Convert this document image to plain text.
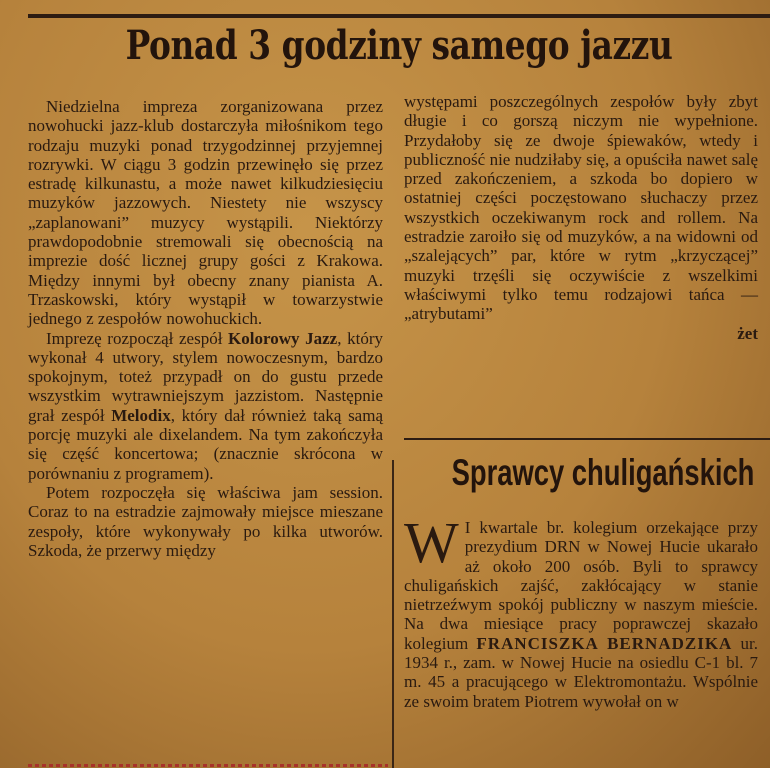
Ponad 3 godziny samego jazzu

Niedzielna impreza zorganizowana przez nowohucki jazz-klub dostarczyła miłośnikom tego rodzaju muzyki ponad trzygodzinnej przyjemnej rozrywki. W ciągu 3 godzin przewinęło się przez estradę kilkunastu, a może nawet kilkudziesięciu muzyków jazzowych. Niestety nie wszyscy „zaplanowani” muzycy wystąpili. Niektórzy prawdopodobnie stremowali się obecnością na imprezie dość licznej grupy gości z Krakowa. Między innymi był obecny znany pianista A. Trzaskowski, który wystąpił w towarzystwie jednego z zespołów nowohuckich.

Imprezę rozpoczął zespół Kolorowy Jazz, który wykonał 4 utwory, stylem nowoczesnym, bardzo spokojnym, toteż przypadł on do gustu przede wszystkim wytrawniejszym jazzistom. Następnie grał zespół Melodix, który dał również taką samą porcję muzyki ale dixelandem. Na tym zakończyła się część koncertowa; (znacznie skrócona w porównaniu z programem).

Potem rozpoczęła się właściwa jam session. Coraz to na estradzie zajmowały miejsce mieszane zespoły, które wykonywały po kilka utworów. Szkoda, że przerwy między

występami poszczególnych zespołów były zbyt długie i co gorszą niczym nie wypełnione. Przydałoby się ze dwoje śpiewaków, wtedy i publiczność nie nudziłaby się, a opuściła nawet salę przed zakończeniem, a szkoda bo dopiero w ostatniej części poczęstowano słuchaczy przez wszystkich oczekiwanym rock and rollem. Na estradzie zaroiło się od muzyków, a na widowni od „szalejących” par, które w rytm „krzyczącej” muzyki trzęśli się oczywiście z wszelkimi właściwymi tylko temu rodzajowi tańca — „atrybutami”

żet

Sprawcy chuligańskich
W I kwartale br. kolegium orzekające przy prezydium DRN w Nowej Hucie ukarało aż około 200 osób. Byli to sprawcy chuligańskich zajść, zakłócający w stanie nietrzeźwym spokój publiczny w naszym mieście. Na dwa miesiące pracy poprawczej skazało kolegium FRANCISZKA BERNADZIKA ur. 1934 r., zam. w Nowej Hucie na osiedlu C-1 bl. 7 m. 45 a pracującego w Elektromontażu. Wspólnie ze swoim bratem Piotrem wywołał on w
